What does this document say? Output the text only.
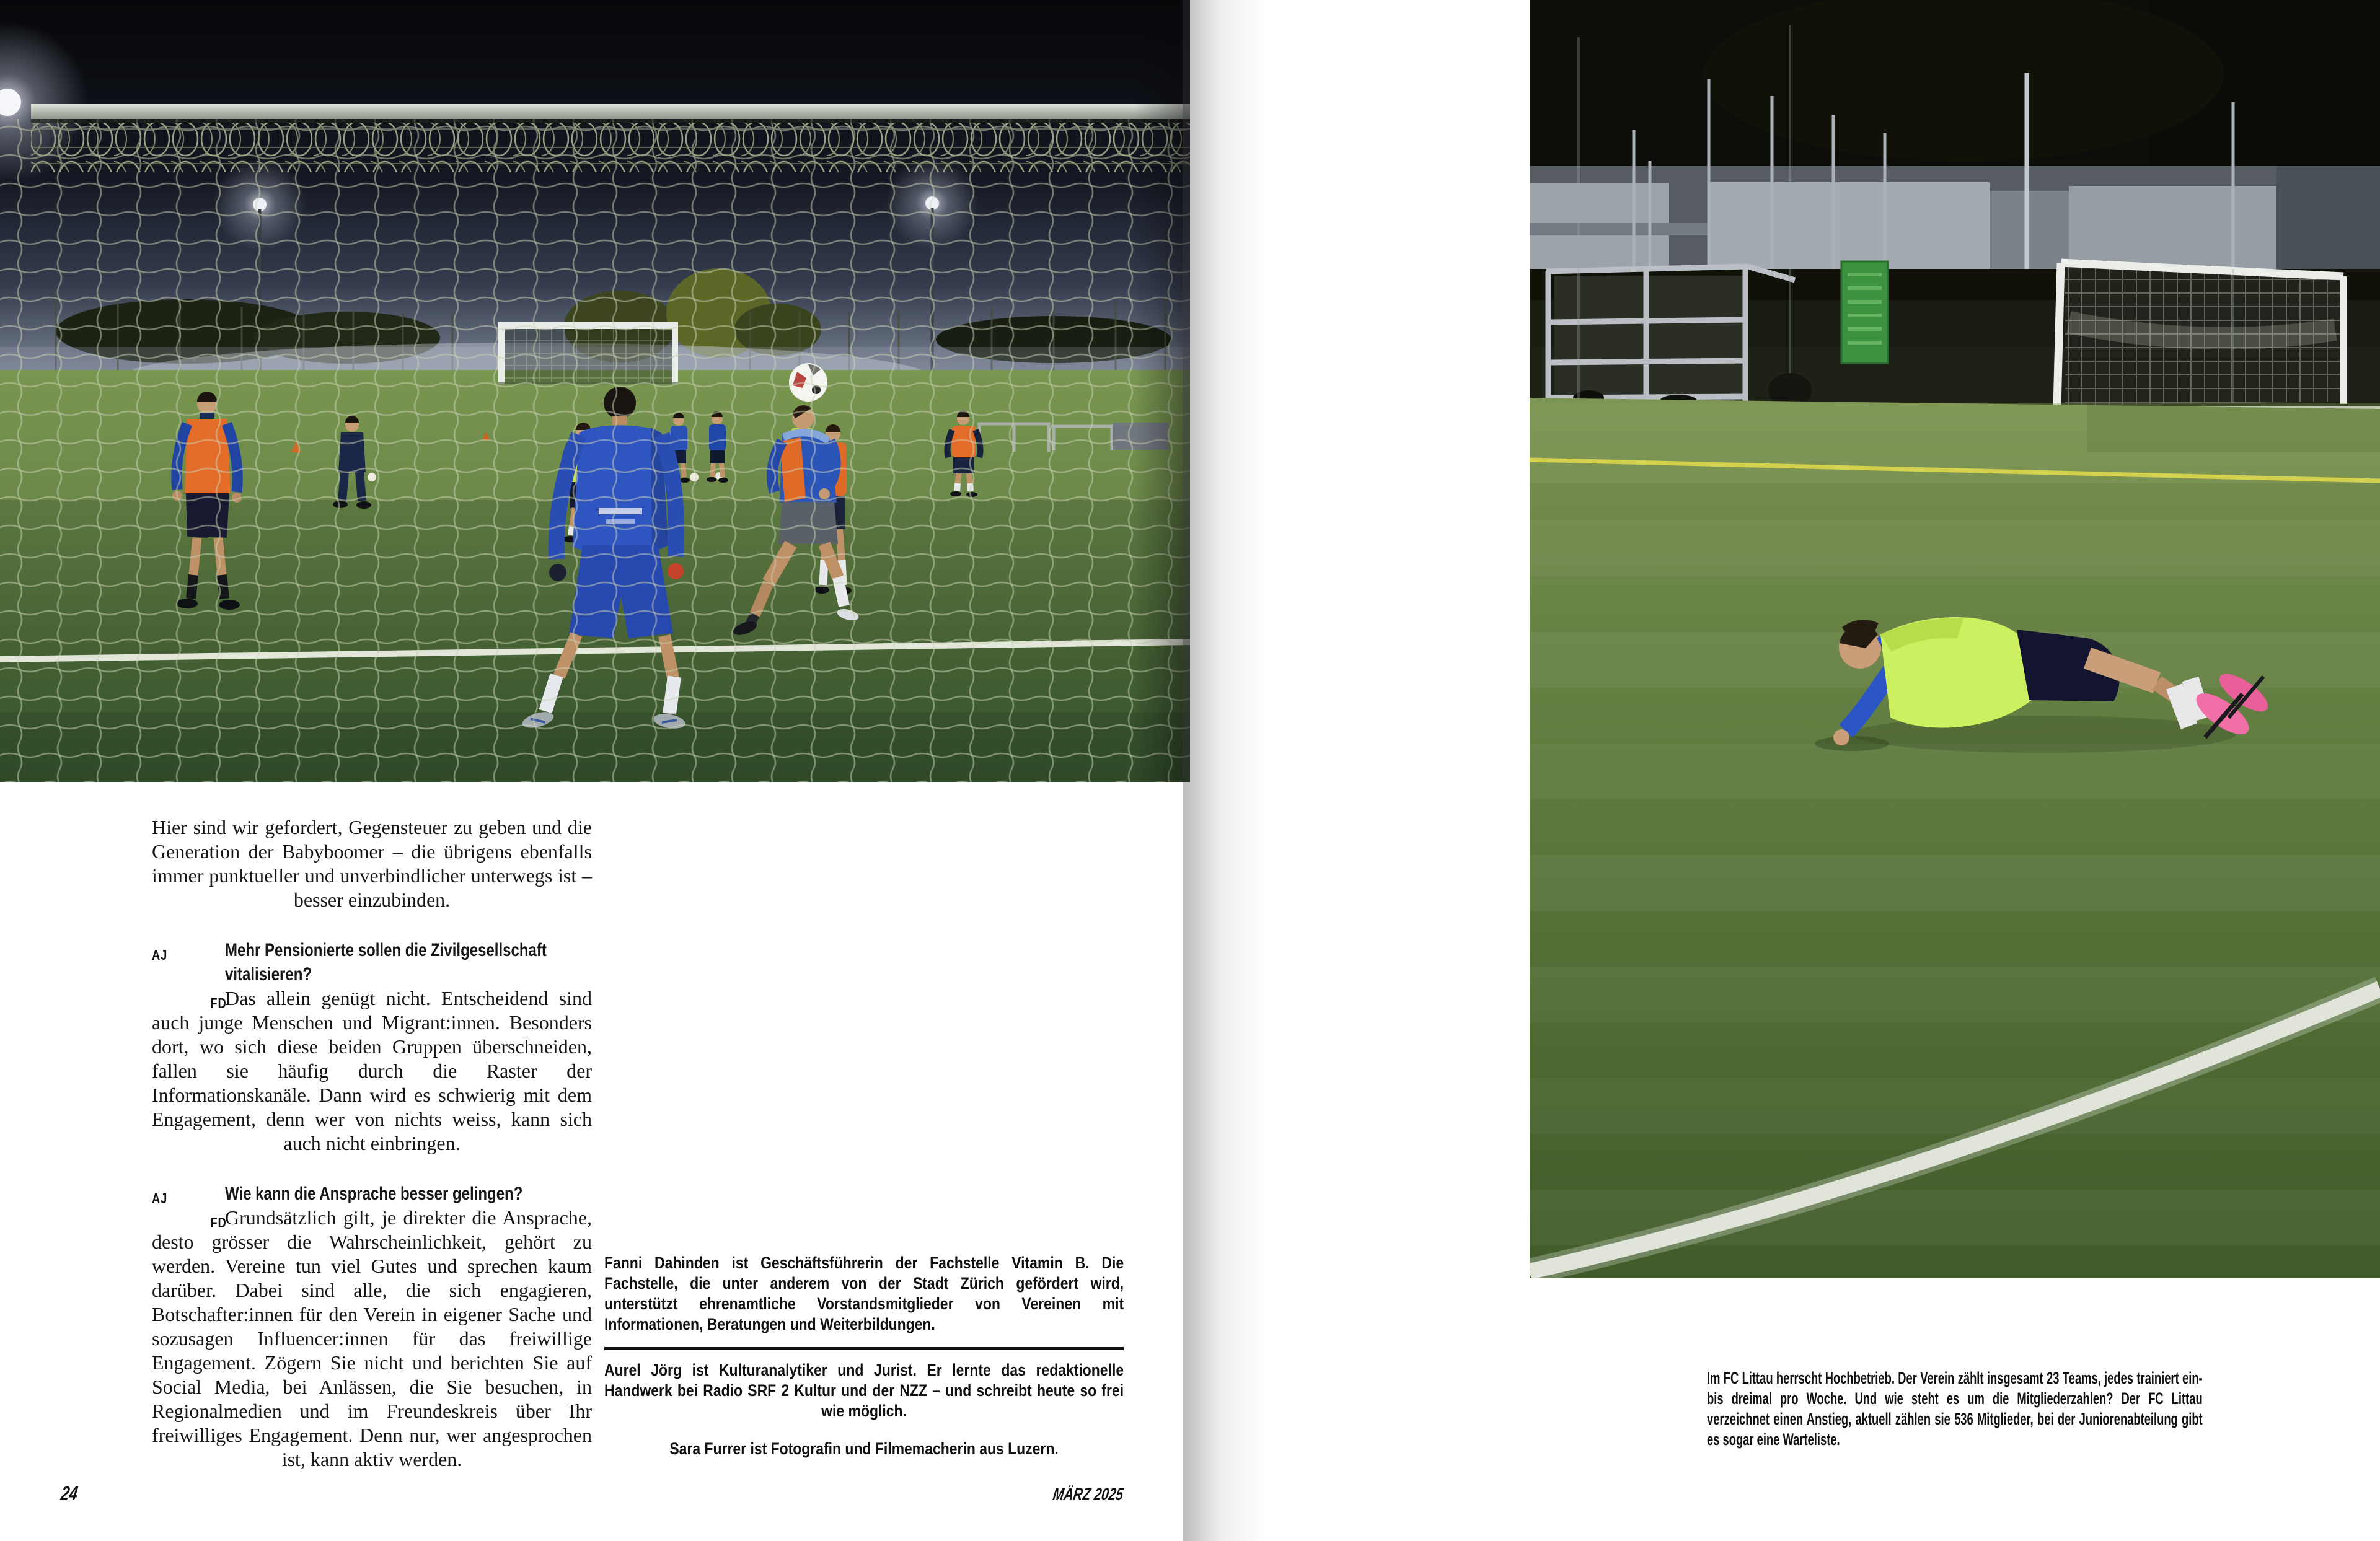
Hier sind wir gefordert, Gegensteuer zu geben und die Generation der Babyboomer – die übrigens ebenfalls immer punktueller und unverbindlicher unterwegs ist – besser einzubinden.

AJ	Mehr Pensionierte sollen die Zivilgesellschaft vitalisieren?

FD
Das allein genügt nicht. Entscheidend sind auch junge Menschen und Migrant:innen. Besonders dort, wo sich diese beiden Gruppen überschneiden, fallen sie häufig durch die Raster der Informationskanäle. Dann wird es schwierig mit dem Engagement, denn wer von nichts weiss, kann sich auch nicht einbringen.

AJ	Wie kann die Ansprache besser gelingen?

FD
Grundsätzlich gilt, je direkter die Ansprache, desto grösser die Wahrscheinlichkeit, gehört zu werden. Vereine tun viel Gutes und sprechen kaum darüber. Dabei sind alle, die sich engagieren, Botschafter:innen für den Verein in eigener Sache und sozusagen Influencer:innen für das freiwillige Engagement. Zögern Sie nicht und berichten Sie auf Social Media, bei Anlässen, die Sie besuchen, in Regionalmedien und im Freundeskreis über Ihr freiwilliges Engagement. Denn nur, wer angesprochen ist, kann aktiv werden.

Fanni Dahinden ist Geschäftsführerin der Fachstelle Vitamin B. Die Fachstelle, die unter anderem von der Stadt Zürich gefördert wird, unterstützt ehrenamtliche Vorstandsmitglieder von Vereinen mit Informationen, Beratungen und Weiterbildungen.
Aurel Jörg ist Kulturanalytiker und Jurist. Er lernte das redaktionelle Handwerk bei Radio SRF 2 Kultur und der NZZ – und schreibt heute so frei wie möglich.
Sara Furrer ist Fotografin und Filmemacherin aus Luzern.
Im FC Littau herrscht Hochbetrieb. Der Verein zählt insgesamt 23 Teams, jedes trainiert ein- bis dreimal pro Woche. Und wie steht es um die Mitgliederzahlen? Der FC Littau verzeichnet einen Anstieg, aktuell zählen sie 536 Mitglieder, bei der Juniorenabteilung gibt es sogar eine Warteliste.
24	MÄRZ 2025
